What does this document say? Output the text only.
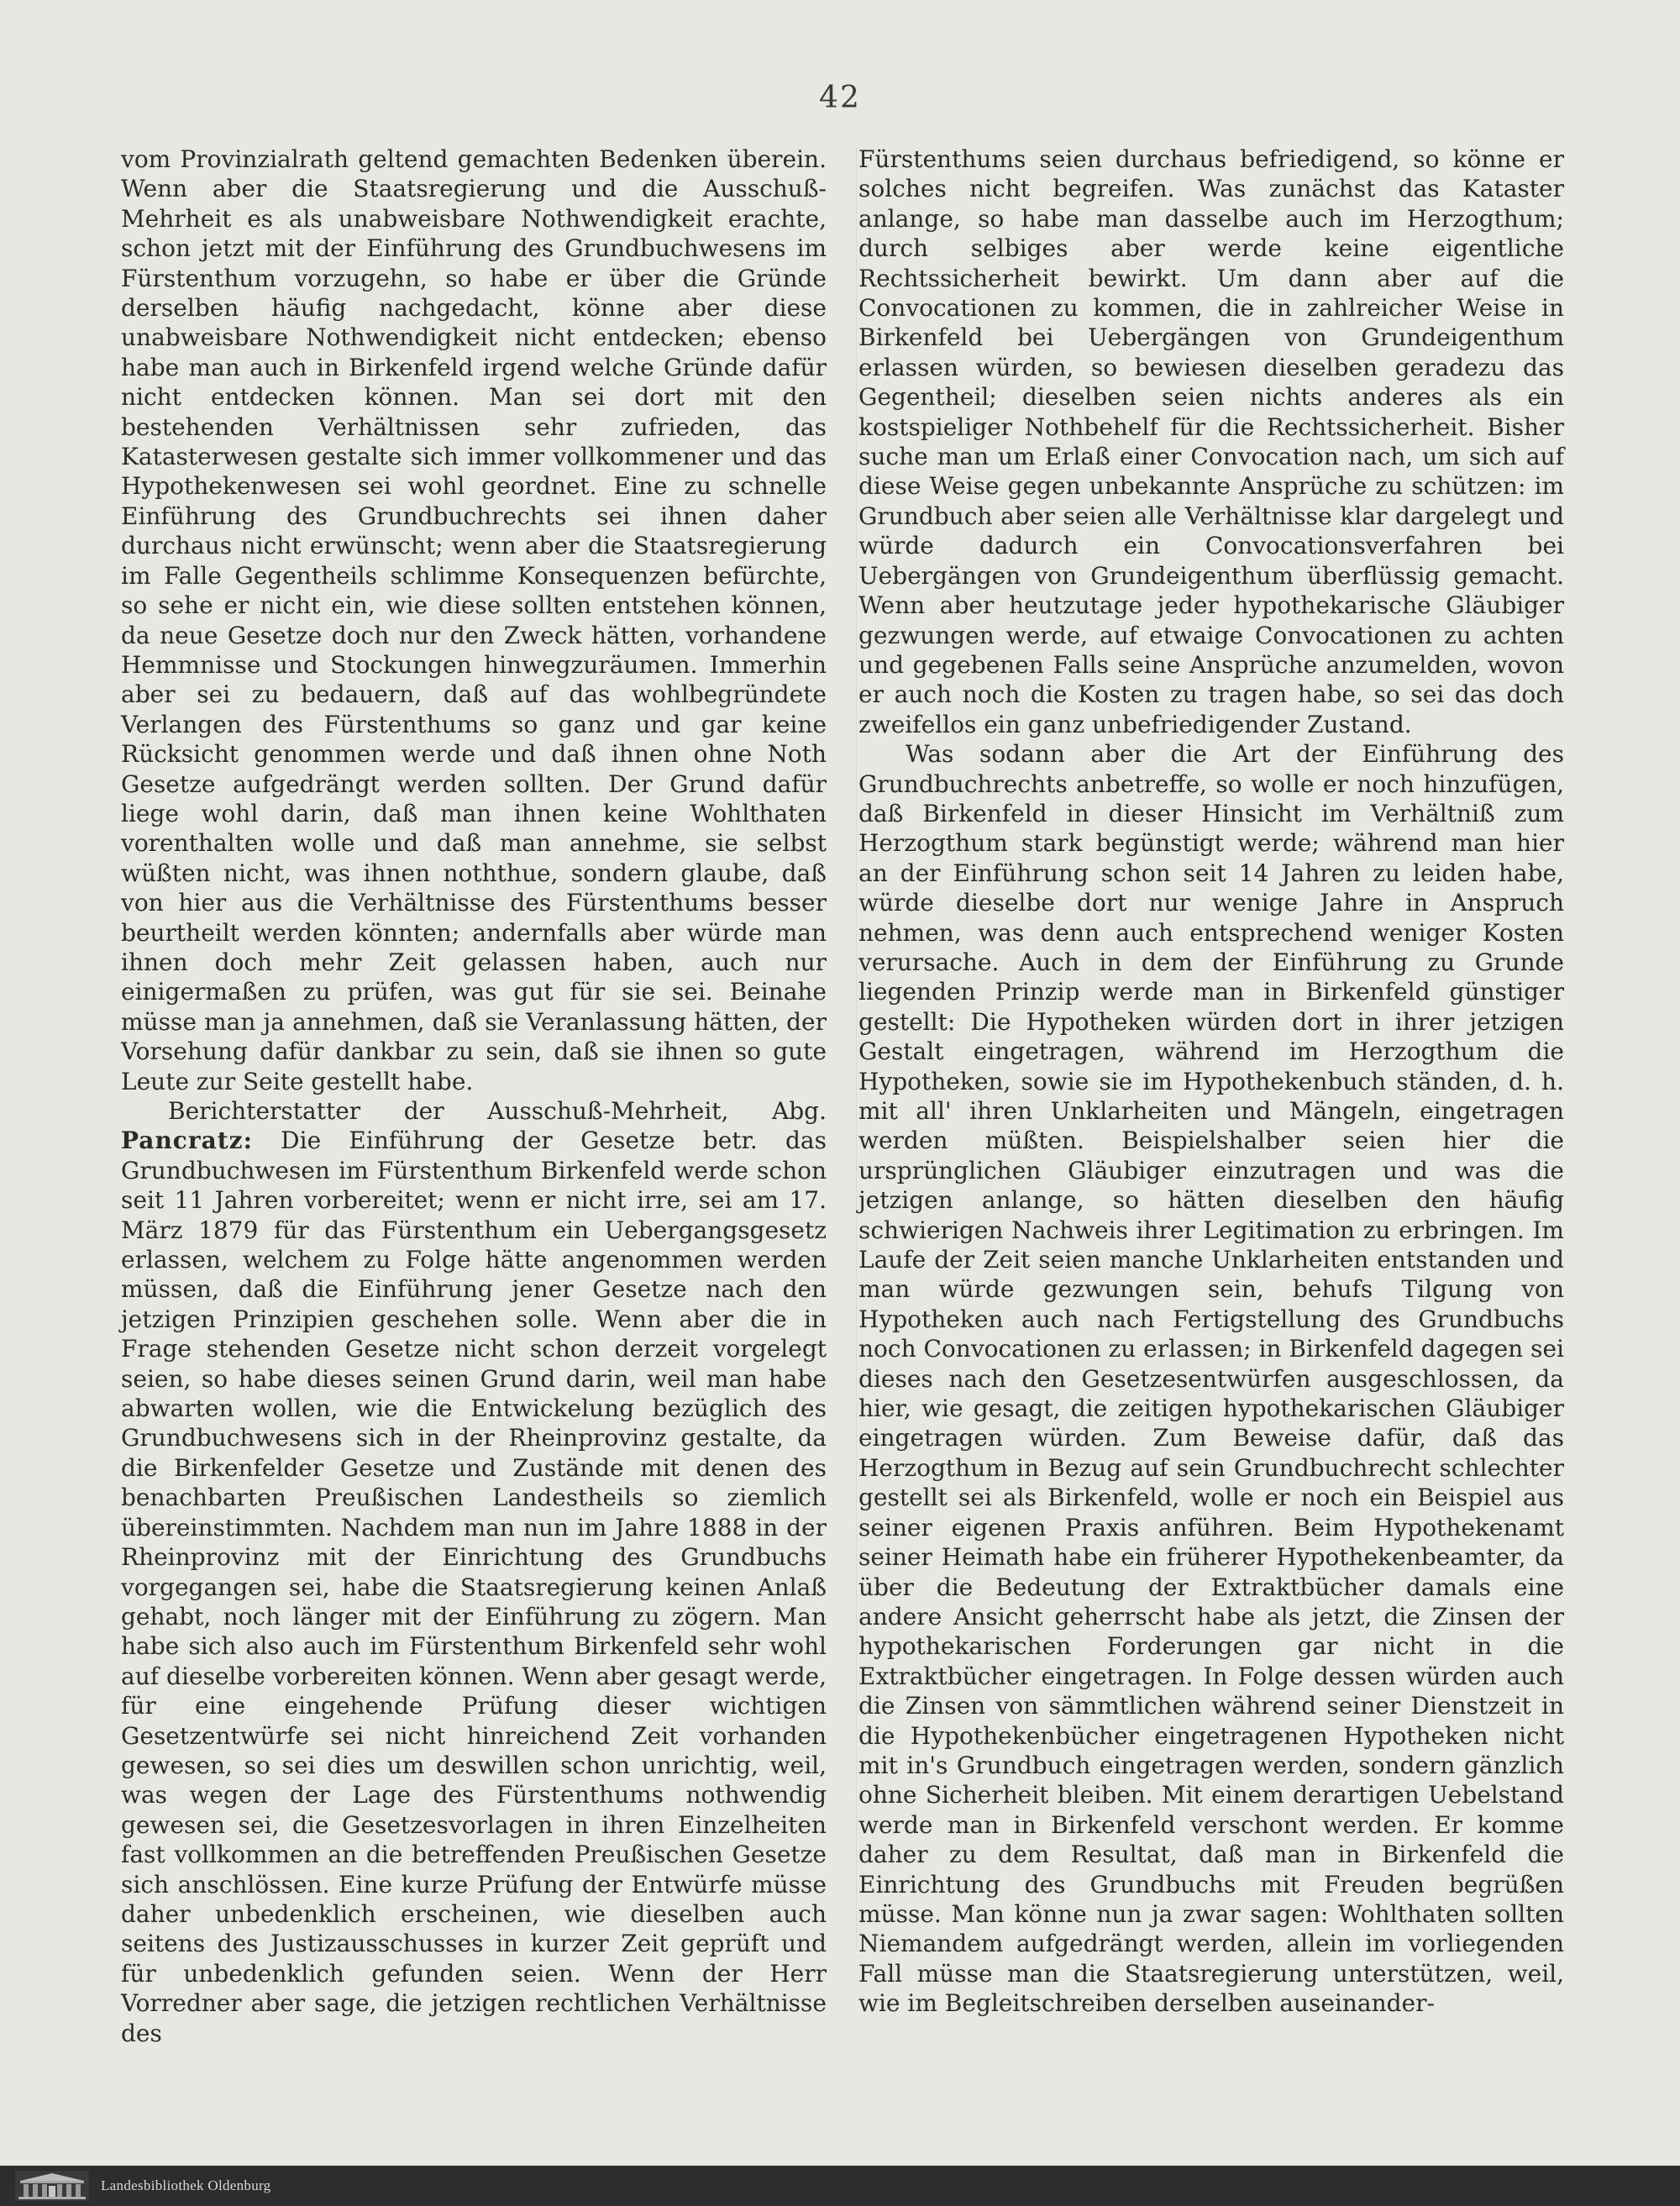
42

vom Provinzialrath geltend gemachten Bedenken überein. Wenn aber die Staatsregierung und die Ausschuß-Mehrheit es als unabweisbare Nothwendigkeit erachte, schon jetzt mit der Einführung des Grundbuchwesens im Fürstenthum vorzugehn, so habe er über die Gründe derselben häufig nachgedacht, könne aber diese unabweisbare Nothwendigkeit nicht entdecken; ebenso habe man auch in Birkenfeld irgend welche Gründe dafür nicht entdecken können. Man sei dort mit den bestehenden Verhältnissen sehr zufrieden, das Katasterwesen gestalte sich immer vollkommener und das Hypothekenwesen sei wohl geordnet. Eine zu schnelle Einführung des Grundbuchrechts sei ihnen daher durchaus nicht erwünscht; wenn aber die Staatsregierung im Falle Gegentheils schlimme Konsequenzen befürchte, so sehe er nicht ein, wie diese sollten entstehen können, da neue Gesetze doch nur den Zweck hätten, vorhandene Hemmnisse und Stockungen hinwegzuräumen. Immerhin aber sei zu bedauern, daß auf das wohlbegründete Verlangen des Fürstenthums so ganz und gar keine Rücksicht genommen werde und daß ihnen ohne Noth Gesetze aufgedrängt werden sollten. Der Grund dafür liege wohl darin, daß man ihnen keine Wohlthaten vorenthalten wolle und daß man annehme, sie selbst wüßten nicht, was ihnen noththue, sondern glaube, daß von hier aus die Verhältnisse des Fürstenthums besser beurtheilt werden könnten; andernfalls aber würde man ihnen doch mehr Zeit gelassen haben, auch nur einigermaßen zu prüfen, was gut für sie sei. Beinahe müsse man ja annehmen, daß sie Veranlassung hätten, der Vorsehung dafür dankbar zu sein, daß sie ihnen so gute Leute zur Seite gestellt habe.

Berichterstatter der Ausschuß-Mehrheit, Abg. Pancratz: Die Einführung der Gesetze betr. das Grundbuchwesen im Fürstenthum Birkenfeld werde schon seit 11 Jahren vorbereitet; wenn er nicht irre, sei am 17. März 1879 für das Fürstenthum ein Uebergangsgesetz erlassen, welchem zu Folge hätte angenommen werden müssen, daß die Einführung jener Gesetze nach den jetzigen Prinzipien geschehen solle. Wenn aber die in Frage stehenden Gesetze nicht schon derzeit vorgelegt seien, so habe dieses seinen Grund darin, weil man habe abwarten wollen, wie die Entwickelung bezüglich des Grundbuchwesens sich in der Rheinprovinz gestalte, da die Birkenfelder Gesetze und Zustände mit denen des benachbarten Preußischen Landestheils so ziemlich übereinstimmten. Nachdem man nun im Jahre 1888 in der Rheinprovinz mit der Einrichtung des Grundbuchs vorgegangen sei, habe die Staatsregierung keinen Anlaß gehabt, noch länger mit der Einführung zu zögern. Man habe sich also auch im Fürstenthum Birkenfeld sehr wohl auf dieselbe vorbereiten können. Wenn aber gesagt werde, für eine eingehende Prüfung dieser wichtigen Gesetzentwürfe sei nicht hinreichend Zeit vorhanden gewesen, so sei dies um deswillen schon unrichtig, weil, was wegen der Lage des Fürstenthums nothwendig gewesen sei, die Gesetzesvorlagen in ihren Einzelheiten fast vollkommen an die betreffenden Preußischen Gesetze sich anschlössen. Eine kurze Prüfung der Entwürfe müsse daher unbedenklich erscheinen, wie dieselben auch seitens des Justizausschusses in kurzer Zeit geprüft und für unbedenklich gefunden seien. Wenn der Herr Vorredner aber sage, die jetzigen rechtlichen Verhältnisse des

Fürstenthums seien durchaus befriedigend, so könne er solches nicht begreifen. Was zunächst das Kataster anlange, so habe man dasselbe auch im Herzogthum; durch selbiges aber werde keine eigentliche Rechtssicherheit bewirkt. Um dann aber auf die Convocationen zu kommen, die in zahlreicher Weise in Birkenfeld bei Uebergängen von Grundeigenthum erlassen würden, so bewiesen dieselben geradezu das Gegentheil; dieselben seien nichts anderes als ein kostspieliger Nothbehelf für die Rechtssicherheit. Bisher suche man um Erlaß einer Convocation nach, um sich auf diese Weise gegen unbekannte Ansprüche zu schützen: im Grundbuch aber seien alle Verhältnisse klar dargelegt und würde dadurch ein Convocationsverfahren bei Uebergängen von Grundeigenthum überflüssig gemacht. Wenn aber heutzutage jeder hypothekarische Gläubiger gezwungen werde, auf etwaige Convocationen zu achten und gegebenen Falls seine Ansprüche anzumelden, wovon er auch noch die Kosten zu tragen habe, so sei das doch zweifellos ein ganz unbefriedigender Zustand.

Was sodann aber die Art der Einführung des Grundbuchrechts anbetreffe, so wolle er noch hinzufügen, daß Birkenfeld in dieser Hinsicht im Verhältniß zum Herzogthum stark begünstigt werde; während man hier an der Einführung schon seit 14 Jahren zu leiden habe, würde dieselbe dort nur wenige Jahre in Anspruch nehmen, was denn auch entsprechend weniger Kosten verursache. Auch in dem der Einführung zu Grunde liegenden Prinzip werde man in Birkenfeld günstiger gestellt: Die Hypotheken würden dort in ihrer jetzigen Gestalt eingetragen, während im Herzogthum die Hypotheken, sowie sie im Hypothekenbuch ständen, d. h. mit all' ihren Unklarheiten und Mängeln, eingetragen werden müßten. Beispielshalber seien hier die ursprünglichen Gläubiger einzutragen und was die jetzigen anlange, so hätten dieselben den häufig schwierigen Nachweis ihrer Legitimation zu erbringen. Im Laufe der Zeit seien manche Unklarheiten entstanden und man würde gezwungen sein, behufs Tilgung von Hypotheken auch nach Fertigstellung des Grundbuchs noch Convocationen zu erlassen; in Birkenfeld dagegen sei dieses nach den Gesetzesentwürfen ausgeschlossen, da hier, wie gesagt, die zeitigen hypothekarischen Gläubiger eingetragen würden. Zum Beweise dafür, daß das Herzogthum in Bezug auf sein Grundbuchrecht schlechter gestellt sei als Birkenfeld, wolle er noch ein Beispiel aus seiner eigenen Praxis anführen. Beim Hypothekenamt seiner Heimath habe ein früherer Hypothekenbeamter, da über die Bedeutung der Extraktbücher damals eine andere Ansicht geherrscht habe als jetzt, die Zinsen der hypothekarischen Forderungen gar nicht in die Extraktbücher eingetragen. In Folge dessen würden auch die Zinsen von sämmtlichen während seiner Dienstzeit in die Hypothekenbücher eingetragenen Hypotheken nicht mit in's Grundbuch eingetragen werden, sondern gänzlich ohne Sicherheit bleiben. Mit einem derartigen Uebelstand werde man in Birkenfeld verschont werden. Er komme daher zu dem Resultat, daß man in Birkenfeld die Einrichtung des Grundbuchs mit Freuden begrüßen müsse. Man könne nun ja zwar sagen: Wohlthaten sollten Niemandem aufgedrängt werden, allein im vorliegenden Fall müsse man die Staatsregierung unterstützen, weil, wie im Begleitschreiben derselben auseinander-

Landesbibliothek Oldenburg
